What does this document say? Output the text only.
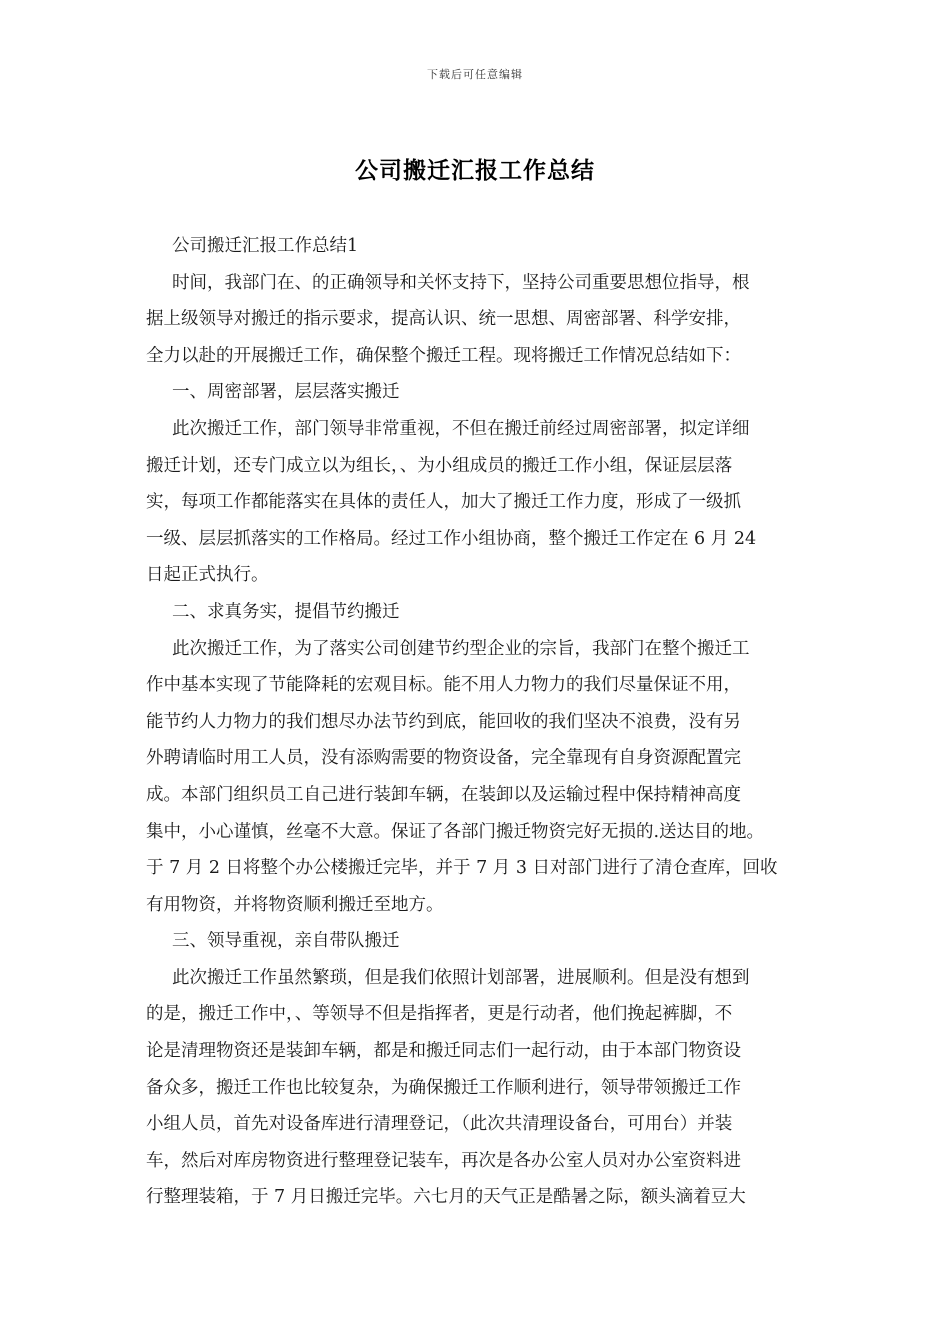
下载后可任意编辑
公司搬迁汇报工作总结
公司搬迁汇报工作总结1
时间，我部门在、的正确领导和关怀支持下，坚持公司重要思想位指导，根
据上级领导对搬迁的指示要求，提高认识、统一思想、周密部署、科学安排，
全力以赴的开展搬迁工作，确保整个搬迁工程。现将搬迁工作情况总结如下：
一、周密部署，层层落实搬迁
此次搬迁工作，部门领导非常重视，不但在搬迁前经过周密部署，拟定详细
搬迁计划，还专门成立以为组长，、为小组成员的搬迁工作小组，保证层层落
实，每项工作都能落实在具体的责任人，加大了搬迁工作力度，形成了一级抓
一级、层层抓落实的工作格局。经过工作小组协商，整个搬迁工作定在 6 月 24
日起正式执行。
二、求真务实，提倡节约搬迁
此次搬迁工作，为了落实公司创建节约型企业的宗旨，我部门在整个搬迁工
作中基本实现了节能降耗的宏观目标。能不用人力物力的我们尽量保证不用，
能节约人力物力的我们想尽办法节约到底，能回收的我们坚决不浪费，没有另
外聘请临时用工人员，没有添购需要的物资设备，完全靠现有自身资源配置完
成。本部门组织员工自己进行装卸车辆，在装卸以及运输过程中保持精神高度
集中，小心谨慎，丝毫不大意。保证了各部门搬迁物资完好无损的.送达目的地。
于 7 月 2 日将整个办公楼搬迁完毕，并于 7 月 3 日对部门进行了清仓查库，回收
有用物资，并将物资顺利搬迁至地方。
三、领导重视，亲自带队搬迁
此次搬迁工作虽然繁琐，但是我们依照计划部署，进展顺利。但是没有想到
的是，搬迁工作中，、等领导不但是指挥者，更是行动者，他们挽起裤脚，不
论是清理物资还是装卸车辆，都是和搬迁同志们一起行动，由于本部门物资设
备众多，搬迁工作也比较复杂，为确保搬迁工作顺利进行，领导带领搬迁工作
小组人员，首先对设备库进行清理登记，（此次共清理设备台，可用台）并装
车，然后对库房物资进行整理登记装车，再次是各办公室人员对办公室资料进
行整理装箱，于 7 月日搬迁完毕。六七月的天气正是酷暑之际，额头滴着豆大
